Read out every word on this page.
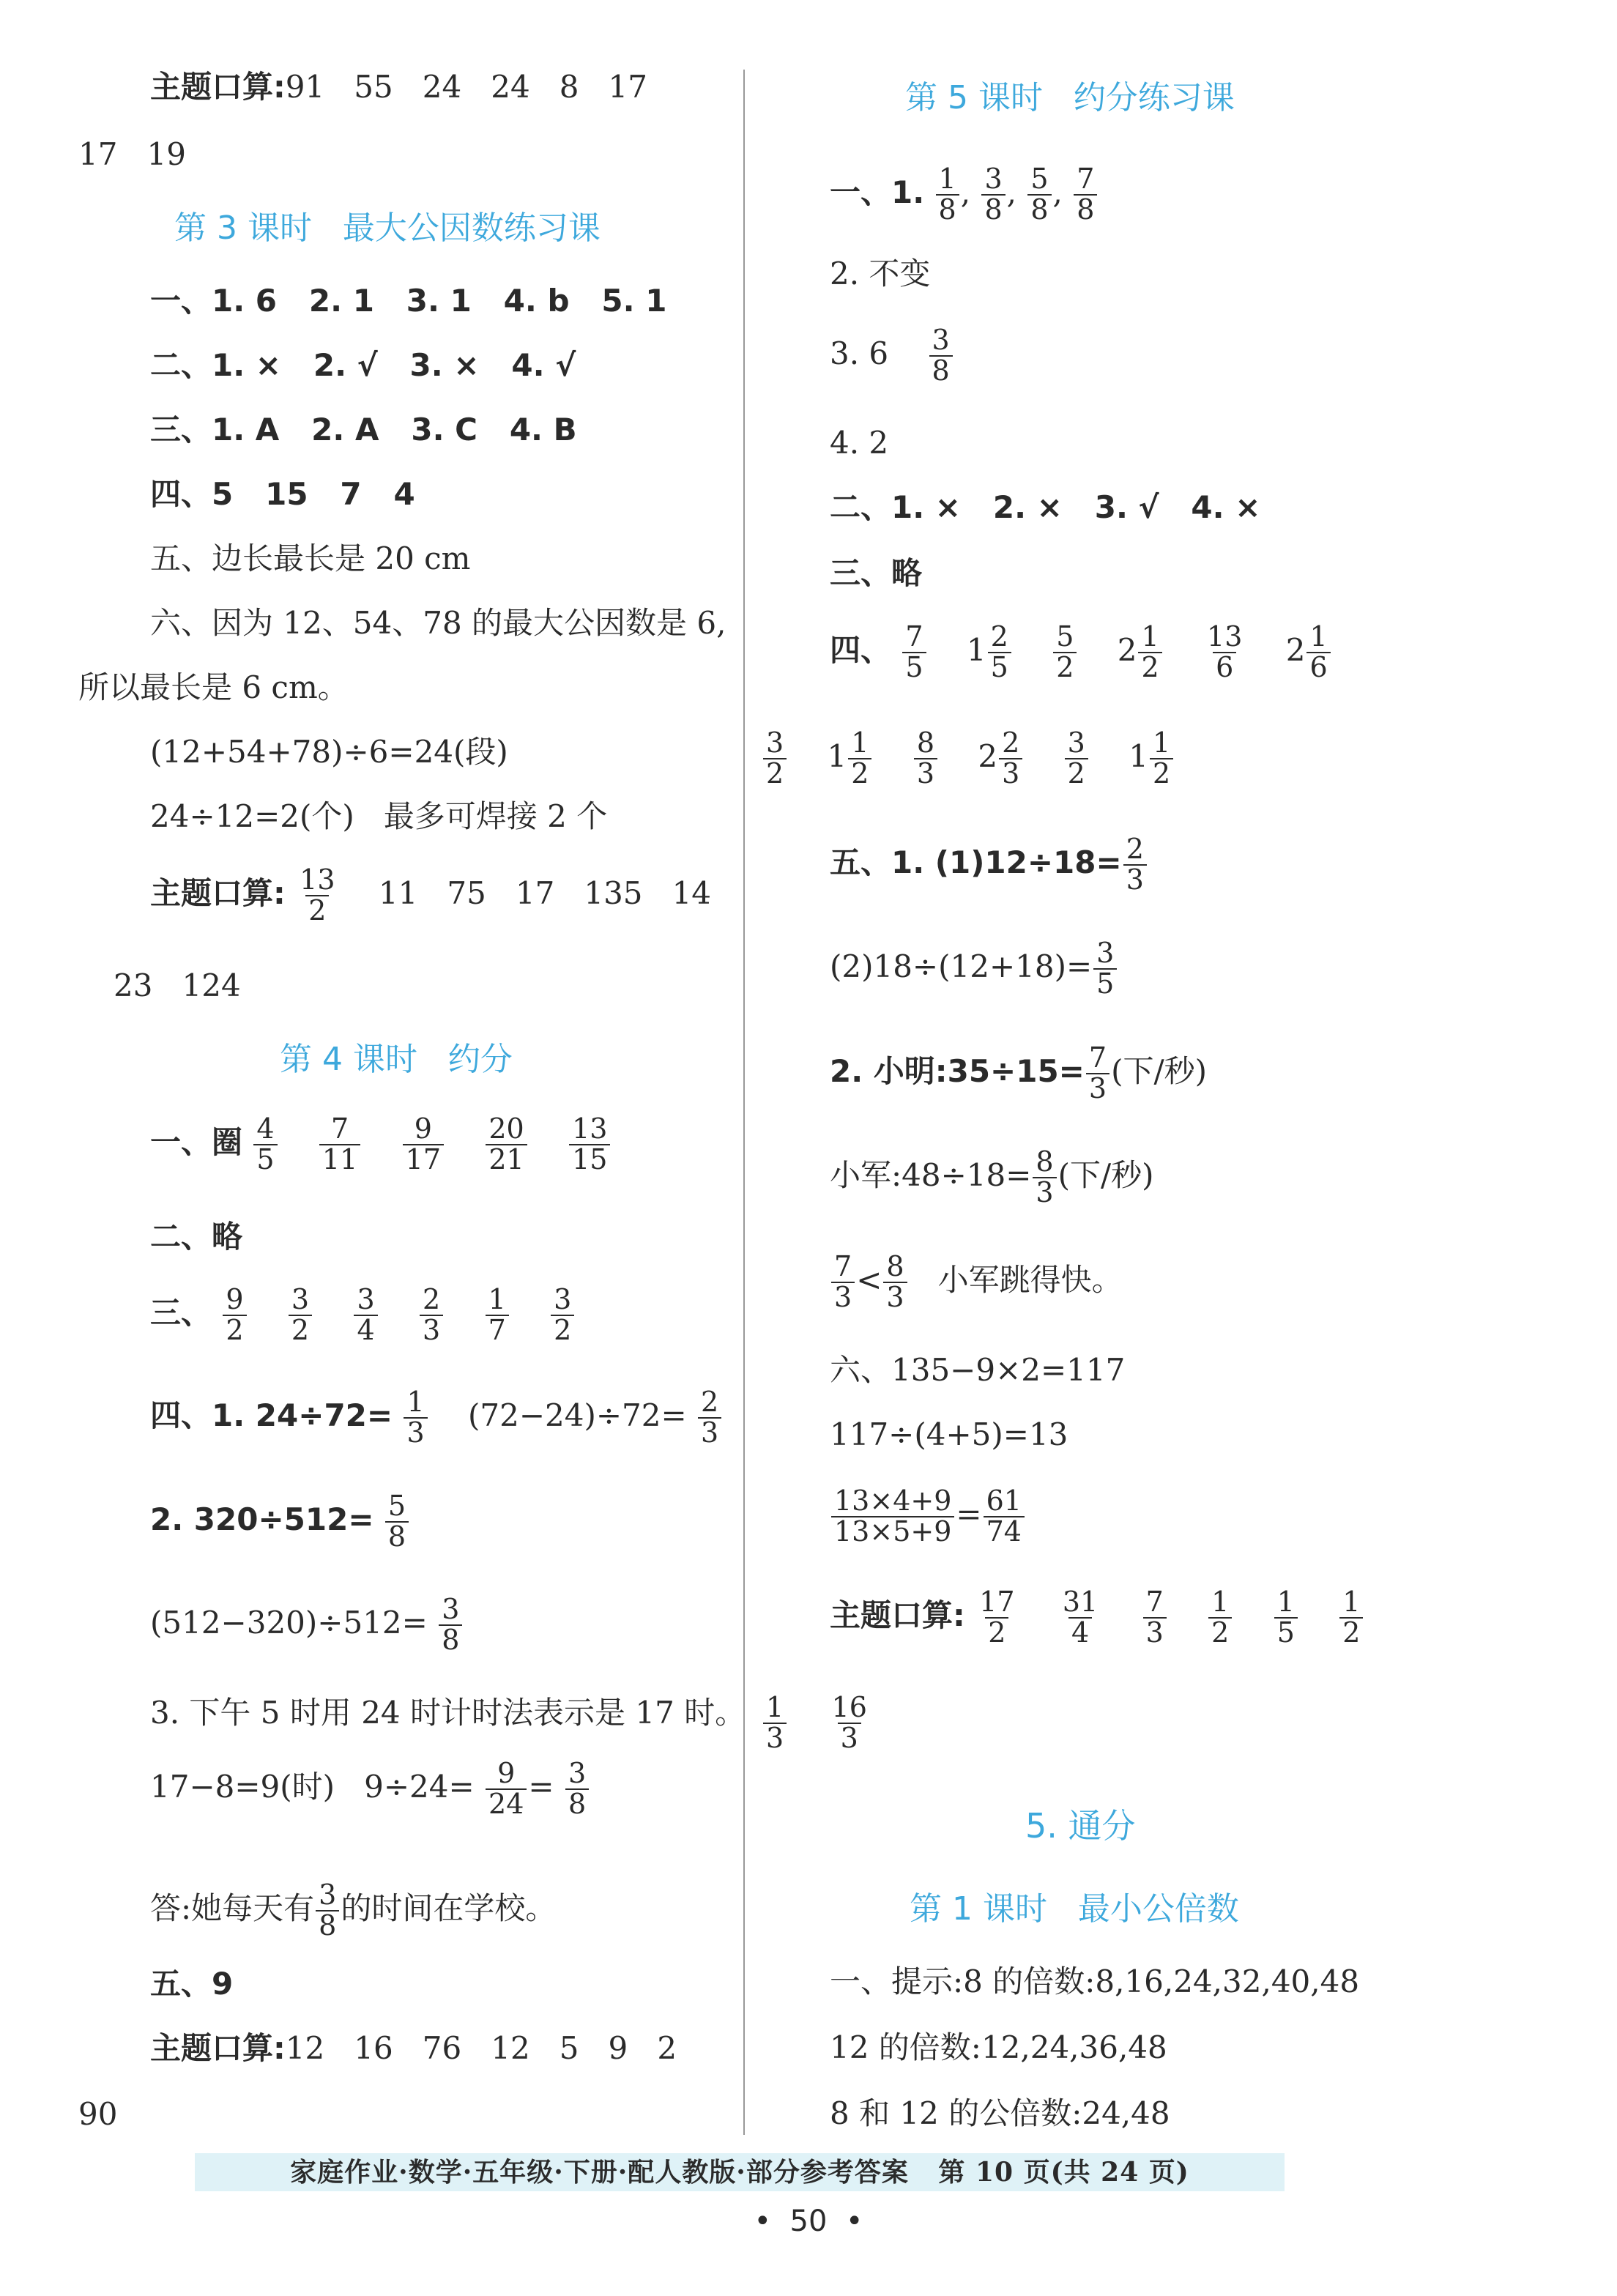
主题口算:91   55   24   24   8   17
17   19
第 3 课时   最大公因数练习课
一、1. 6   2. 1   3. 1   4. b   5. 1
二、1. ×   2. √   3. ×   4. √
三、1. A   2. A   3. C   4. B
四、5   15   7   4
五、边长最长是 20 cm
六、因为 12、54、78 的最大公因数是 6,
所以最长是 6 cm。
(12+54+78)÷6=24(段)
24÷12=2(个)   最多可焊接 2 个
主题口算: $\frac{13}{2} 11$   75   17   135   14
23   124
第 4 课时   约分
一、圈 $\frac{4}{5}$
$\frac{7}{11}$
$\frac{9}{17}$
$\frac{20}{21}$
$\frac{13}{15}$
二、略
三、 $\frac{9}{2}$
$\frac{3}{2}$
$\frac{3}{4}$
$\frac{2}{3}$
$\frac{1}{7}$
$\frac{3}{2}$
四、1. $24\div 72= \frac{1}{3} (72-24)\div 72= \frac{2}{3}$
2. $320\div 512= \frac{5}{8}$
$(512-320)\div 512= \frac{3}{8}$
3. 下午 5 时用 24 时计时法表示是 17 时。
17−8=9(时)   $9\div 24= \frac{9}{24} = \frac{3}{8}$
答:她每天有 $\frac{3}{8}$ 的时间在学校。
五、9
主题口算:12   16   76   12   5   9   2
90
第 5 课时   约分练习课
一、1. $\frac{1}{8}$ , $\frac{3}{8}$ , $\frac{5}{8}$ , $\frac{7}{8}$
2. 不变
3. $6 \frac{3}{8}$
4. 2
二、1. ×   2. ×   3. √   4. ×
三、略
四、 $\frac{7}{5} 1 \frac{2}{5}$
$\frac{5}{2} 2 \frac{1}{2}$
$\frac{13}{6} 2 \frac{1}{6}$
$\frac{3}{2} 1 \frac{1}{2}$
$\frac{8}{3} 2 \frac{2}{3}$
$\frac{3}{2} 1 \frac{1}{2}$
五、1. $(1)12\div 18= \frac{2}{3}$
$(2)18\div(12+18)= \frac{3}{5}$
2. 小明:35÷15= $\frac{7}{3}$ (下/秒)
小军:48÷18= $\frac{8}{3}$ (下/秒)
$\frac{7}{3} < \frac{8}{3}$ 小军跳得快。
六、135−9×2=117
117÷(4+5)=13
$\frac{13\times 4+9}{13\times 5+9} = \frac{61}{74}$
主题口算: $\frac{17}{2}$
$\frac{31}{4}$
$\frac{7}{3}$
$\frac{1}{2}$
$\frac{1}{5}$
$\frac{1}{2}$
$\frac{1}{3}$
$\frac{16}{3}$
5. 通分
第 1 课时   最小公倍数
一、提示:8 的倍数:8,16,24,32,40,48
12 的倍数:12,24,36,48
8 和 12 的公倍数:24,48
家庭作业·数学·五年级·下册·配人教版·部分参考答案   第 10 页(共 24 页)
•  50  •
